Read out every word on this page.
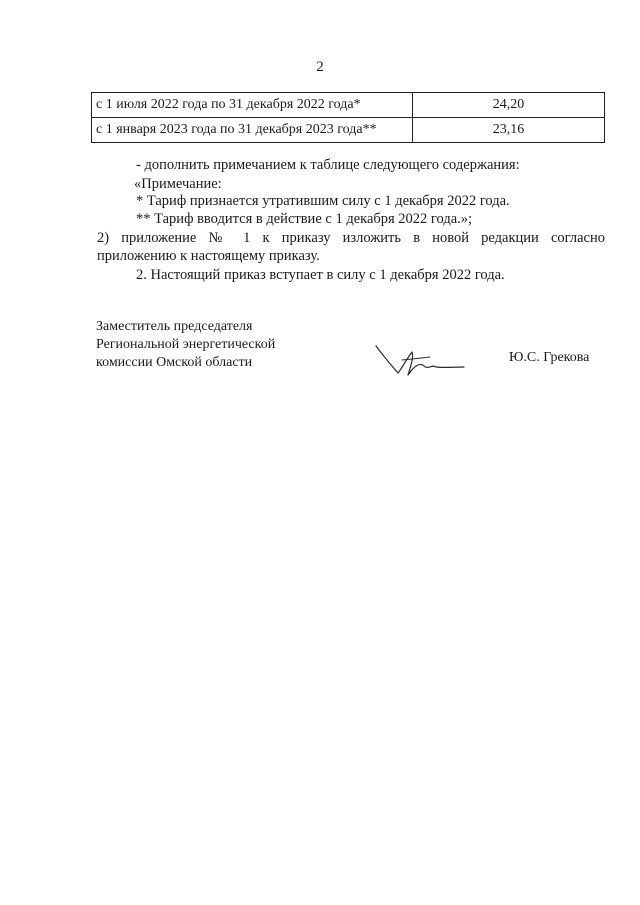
2
с 1 июля 2022 года по 31 декабря 2022 года*	24,20
с 1 января 2023 года по 31 декабря 2023 года**	23,16
- дополнить примечанием к таблице следующего содержания:
«Примечание:
* Тариф признается утратившим силу с 1 декабря 2022 года.
** Тариф вводится в действие с 1 декабря 2022 года.»;
2) приложение № 1 к приказу изложить в новой редакции согласно
приложению к настоящему приказу.
2. Настоящий приказ вступает в силу с 1 декабря 2022 года.
Заместитель председателя
Региональной энергетической
комиссии Омской области	Ю.С. Грекова
